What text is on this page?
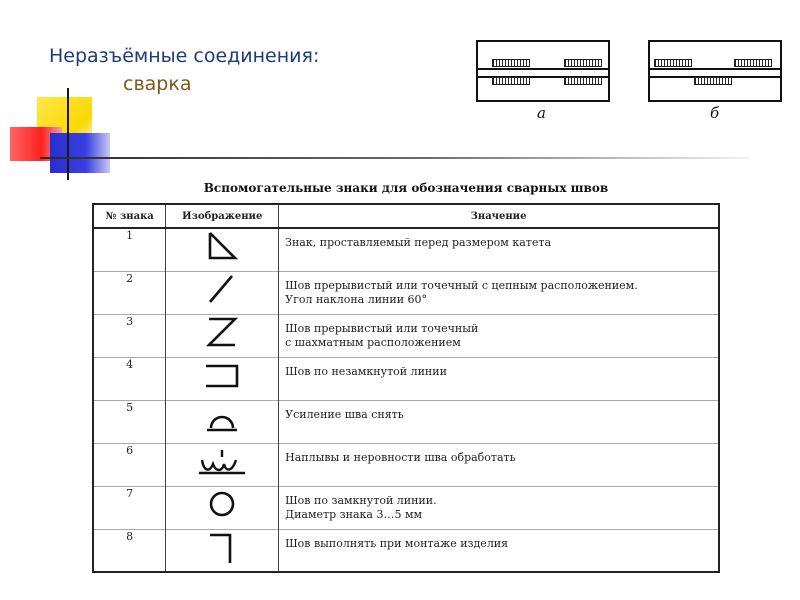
Неразъёмные соединения:
сварка
а	б
Вспомогательные знаки для обозначения сварных швов
№ знака	Изображение	Значение
1		Знак, проставляемый перед размером катета

2		Шов прерывистый или точечный с цепным расположением.
Угол наклона линии 60°

3		Шов прерывистый или точечный
с шахматным расположением

4		Шов по незамкнутой линии

5		Усиление шва снять

6		Наплывы и неровности шва обработать

7		Шов по замкнутой линии.
Диаметр знака 3…5 мм

8		Шов выполнять при монтаже изделия
